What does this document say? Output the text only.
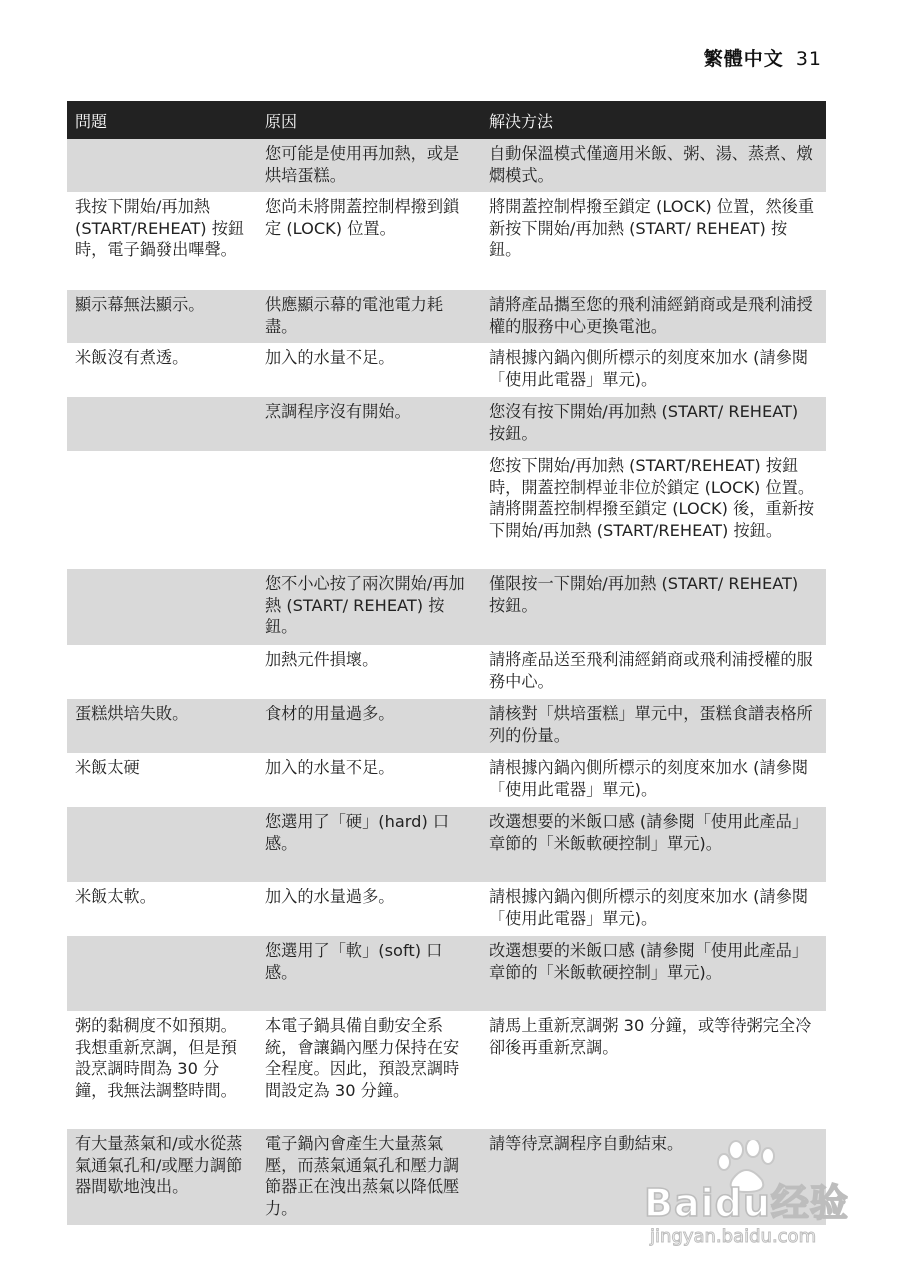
繁體中文 31
問題	原因	解決方法
	您可能是使用再加熱，或是烘培蛋糕。	自動保溫模式僅適用米飯、粥、湯、蒸煮、燉燜模式。
我按下開始/再加熱 (START/REHEAT) 按鈕時，電子鍋發出嗶聲。	您尚未將開蓋控制桿撥到鎖定 (LOCK) 位置。	將開蓋控制桿撥至鎖定 (LOCK) 位置，然後重新按下開始/再加熱 (START/ REHEAT) 按鈕。
顯示幕無法顯示。	供應顯示幕的電池電力耗盡。	請將產品攜至您的飛利浦經銷商或是飛利浦授權的服務中心更換電池。
米飯沒有煮透。	加入的水量不足。	請根據內鍋內側所標示的刻度來加水 (請參閱「使用此電器」單元)。
	烹調程序沒有開始。	您沒有按下開始/再加熱 (START/ REHEAT) 按鈕。
		您按下開始/再加熱 (START/REHEAT) 按鈕時，開蓋控制桿並非位於鎖定 (LOCK) 位置。請將開蓋控制桿撥至鎖定 (LOCK) 後，重新按下開始/再加熱 (START/REHEAT) 按鈕。
	您不小心按了兩次開始/再加熱 (START/ REHEAT) 按鈕。	僅限按一下開始/再加熱 (START/ REHEAT) 按鈕。
	加熱元件損壞。	請將產品送至飛利浦經銷商或飛利浦授權的服務中心。
蛋糕烘培失敗。	食材的用量過多。	請核對「烘培蛋糕」單元中，蛋糕食譜表格所列的份量。
米飯太硬	加入的水量不足。	請根據內鍋內側所標示的刻度來加水 (請參閱「使用此電器」單元)。
	您選用了「硬」(hard) 口感。	改選想要的米飯口感 (請參閱「使用此產品」章節的「米飯軟硬控制」單元)。
米飯太軟。	加入的水量過多。	請根據內鍋內側所標示的刻度來加水 (請參閱「使用此電器」單元)。
	您選用了「軟」(soft) 口感。	改選想要的米飯口感 (請參閱「使用此產品」章節的「米飯軟硬控制」單元)。
粥的黏稠度不如預期。我想重新烹調，但是預設烹調時間為 30 分鐘，我無法調整時間。	本電子鍋具備自動安全系統，會讓鍋內壓力保持在安全程度。因此，預設烹調時間設定為 30 分鐘。	請馬上重新烹調粥 30 分鐘，或等待粥完全冷卻後再重新烹調。
有大量蒸氣和/或水從蒸氣通氣孔和/或壓力調節器間歇地洩出。	電子鍋內會產生大量蒸氣壓，而蒸氣通氣孔和壓力調節器正在洩出蒸氣以降低壓力。	請等待烹調程序自動結束。
Baidu经验
jingyan.baidu.com
